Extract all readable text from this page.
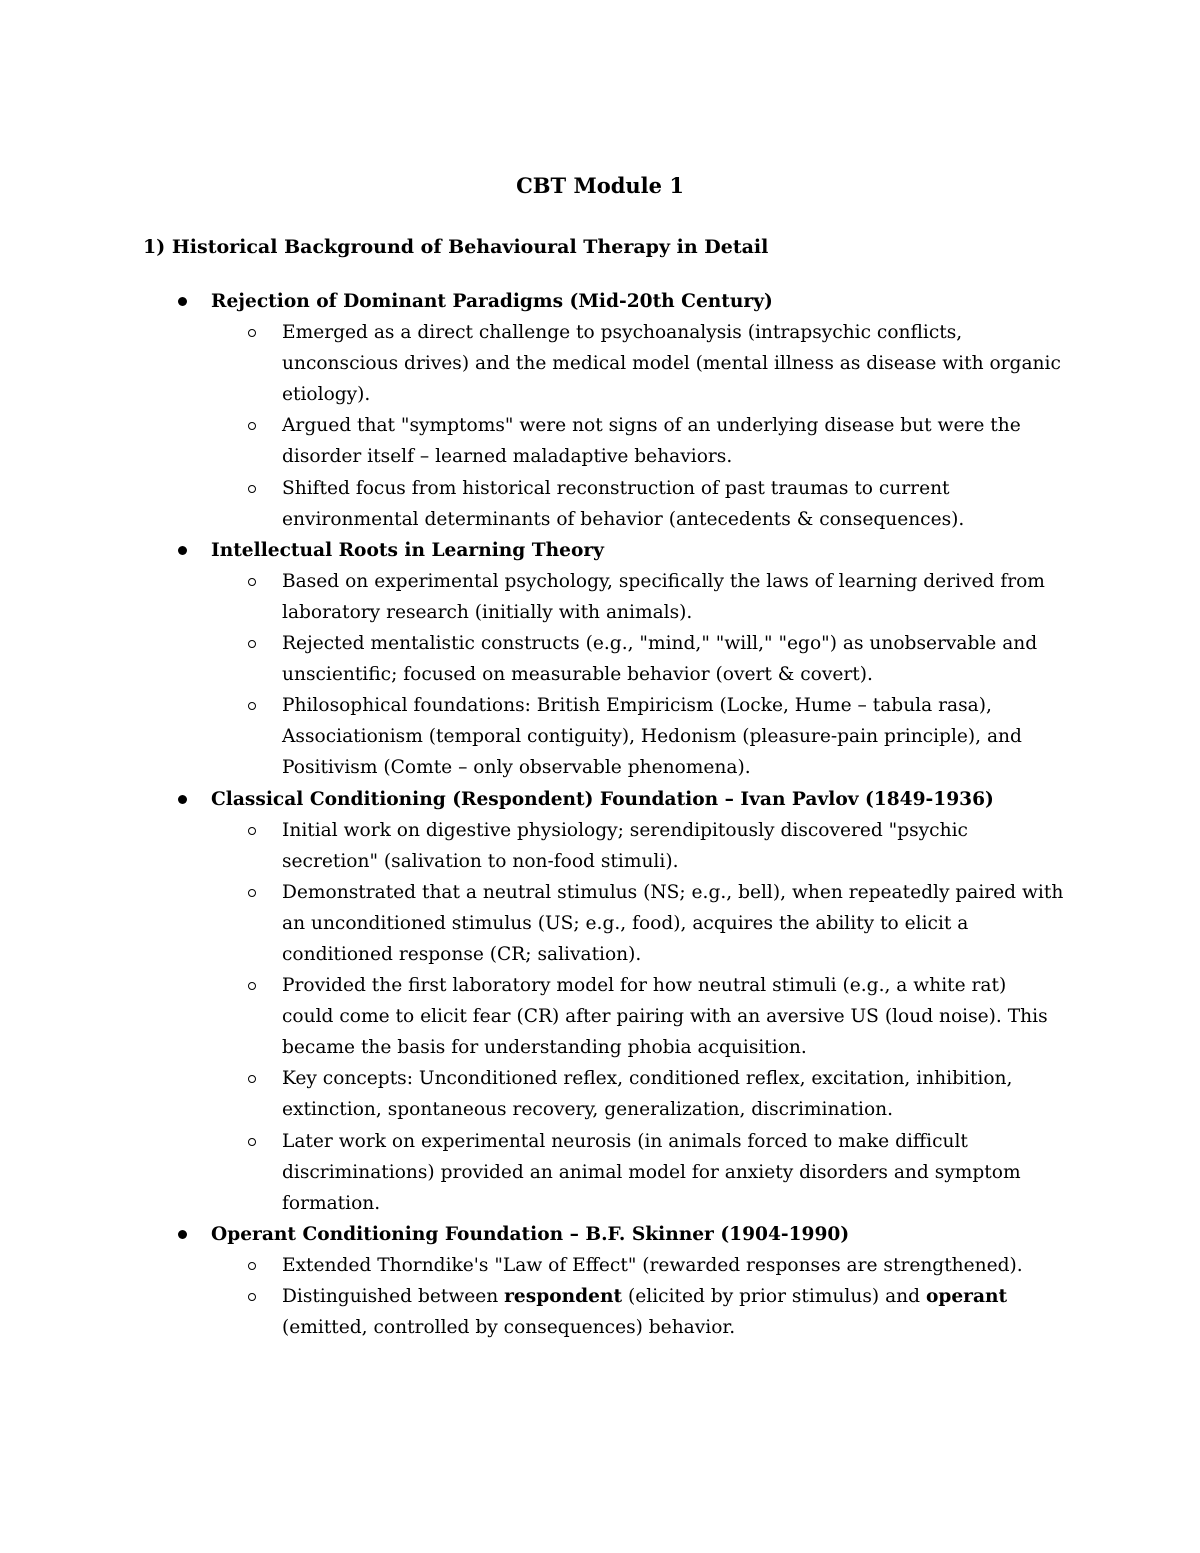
CBT Module 1
1) Historical Background of Behavioural Therapy in Detail
Rejection of Dominant Paradigms (Mid-20th Century)
Emerged as a direct challenge to psychoanalysis (intrapsychic conflicts,
unconscious drives) and the medical model (mental illness as disease with organic
etiology).
Argued that "symptoms" were not signs of an underlying disease but were the
disorder itself – learned maladaptive behaviors.
Shifted focus from historical reconstruction of past traumas to current
environmental determinants of behavior (antecedents & consequences).
Intellectual Roots in Learning Theory
Based on experimental psychology, specifically the laws of learning derived from
laboratory research (initially with animals).
Rejected mentalistic constructs (e.g., "mind," "will," "ego") as unobservable and
unscientific; focused on measurable behavior (overt & covert).
Philosophical foundations: British Empiricism (Locke, Hume – tabula rasa),
Associationism (temporal contiguity), Hedonism (pleasure-pain principle), and
Positivism (Comte – only observable phenomena).
Classical Conditioning (Respondent) Foundation – Ivan Pavlov (1849-1936)
Initial work on digestive physiology; serendipitously discovered "psychic
secretion" (salivation to non-food stimuli).
Demonstrated that a neutral stimulus (NS; e.g., bell), when repeatedly paired with
an unconditioned stimulus (US; e.g., food), acquires the ability to elicit a
conditioned response (CR; salivation).
Provided the first laboratory model for how neutral stimuli (e.g., a white rat)
could come to elicit fear (CR) after pairing with an aversive US (loud noise). This
became the basis for understanding phobia acquisition.
Key concepts: Unconditioned reflex, conditioned reflex, excitation, inhibition,
extinction, spontaneous recovery, generalization, discrimination.
Later work on experimental neurosis (in animals forced to make difficult
discriminations) provided an animal model for anxiety disorders and symptom
formation.
Operant Conditioning Foundation – B.F. Skinner (1904-1990)
Extended Thorndike's "Law of Effect" (rewarded responses are strengthened).
Distinguished between respondent (elicited by prior stimulus) and operant
(emitted, controlled by consequences) behavior.
